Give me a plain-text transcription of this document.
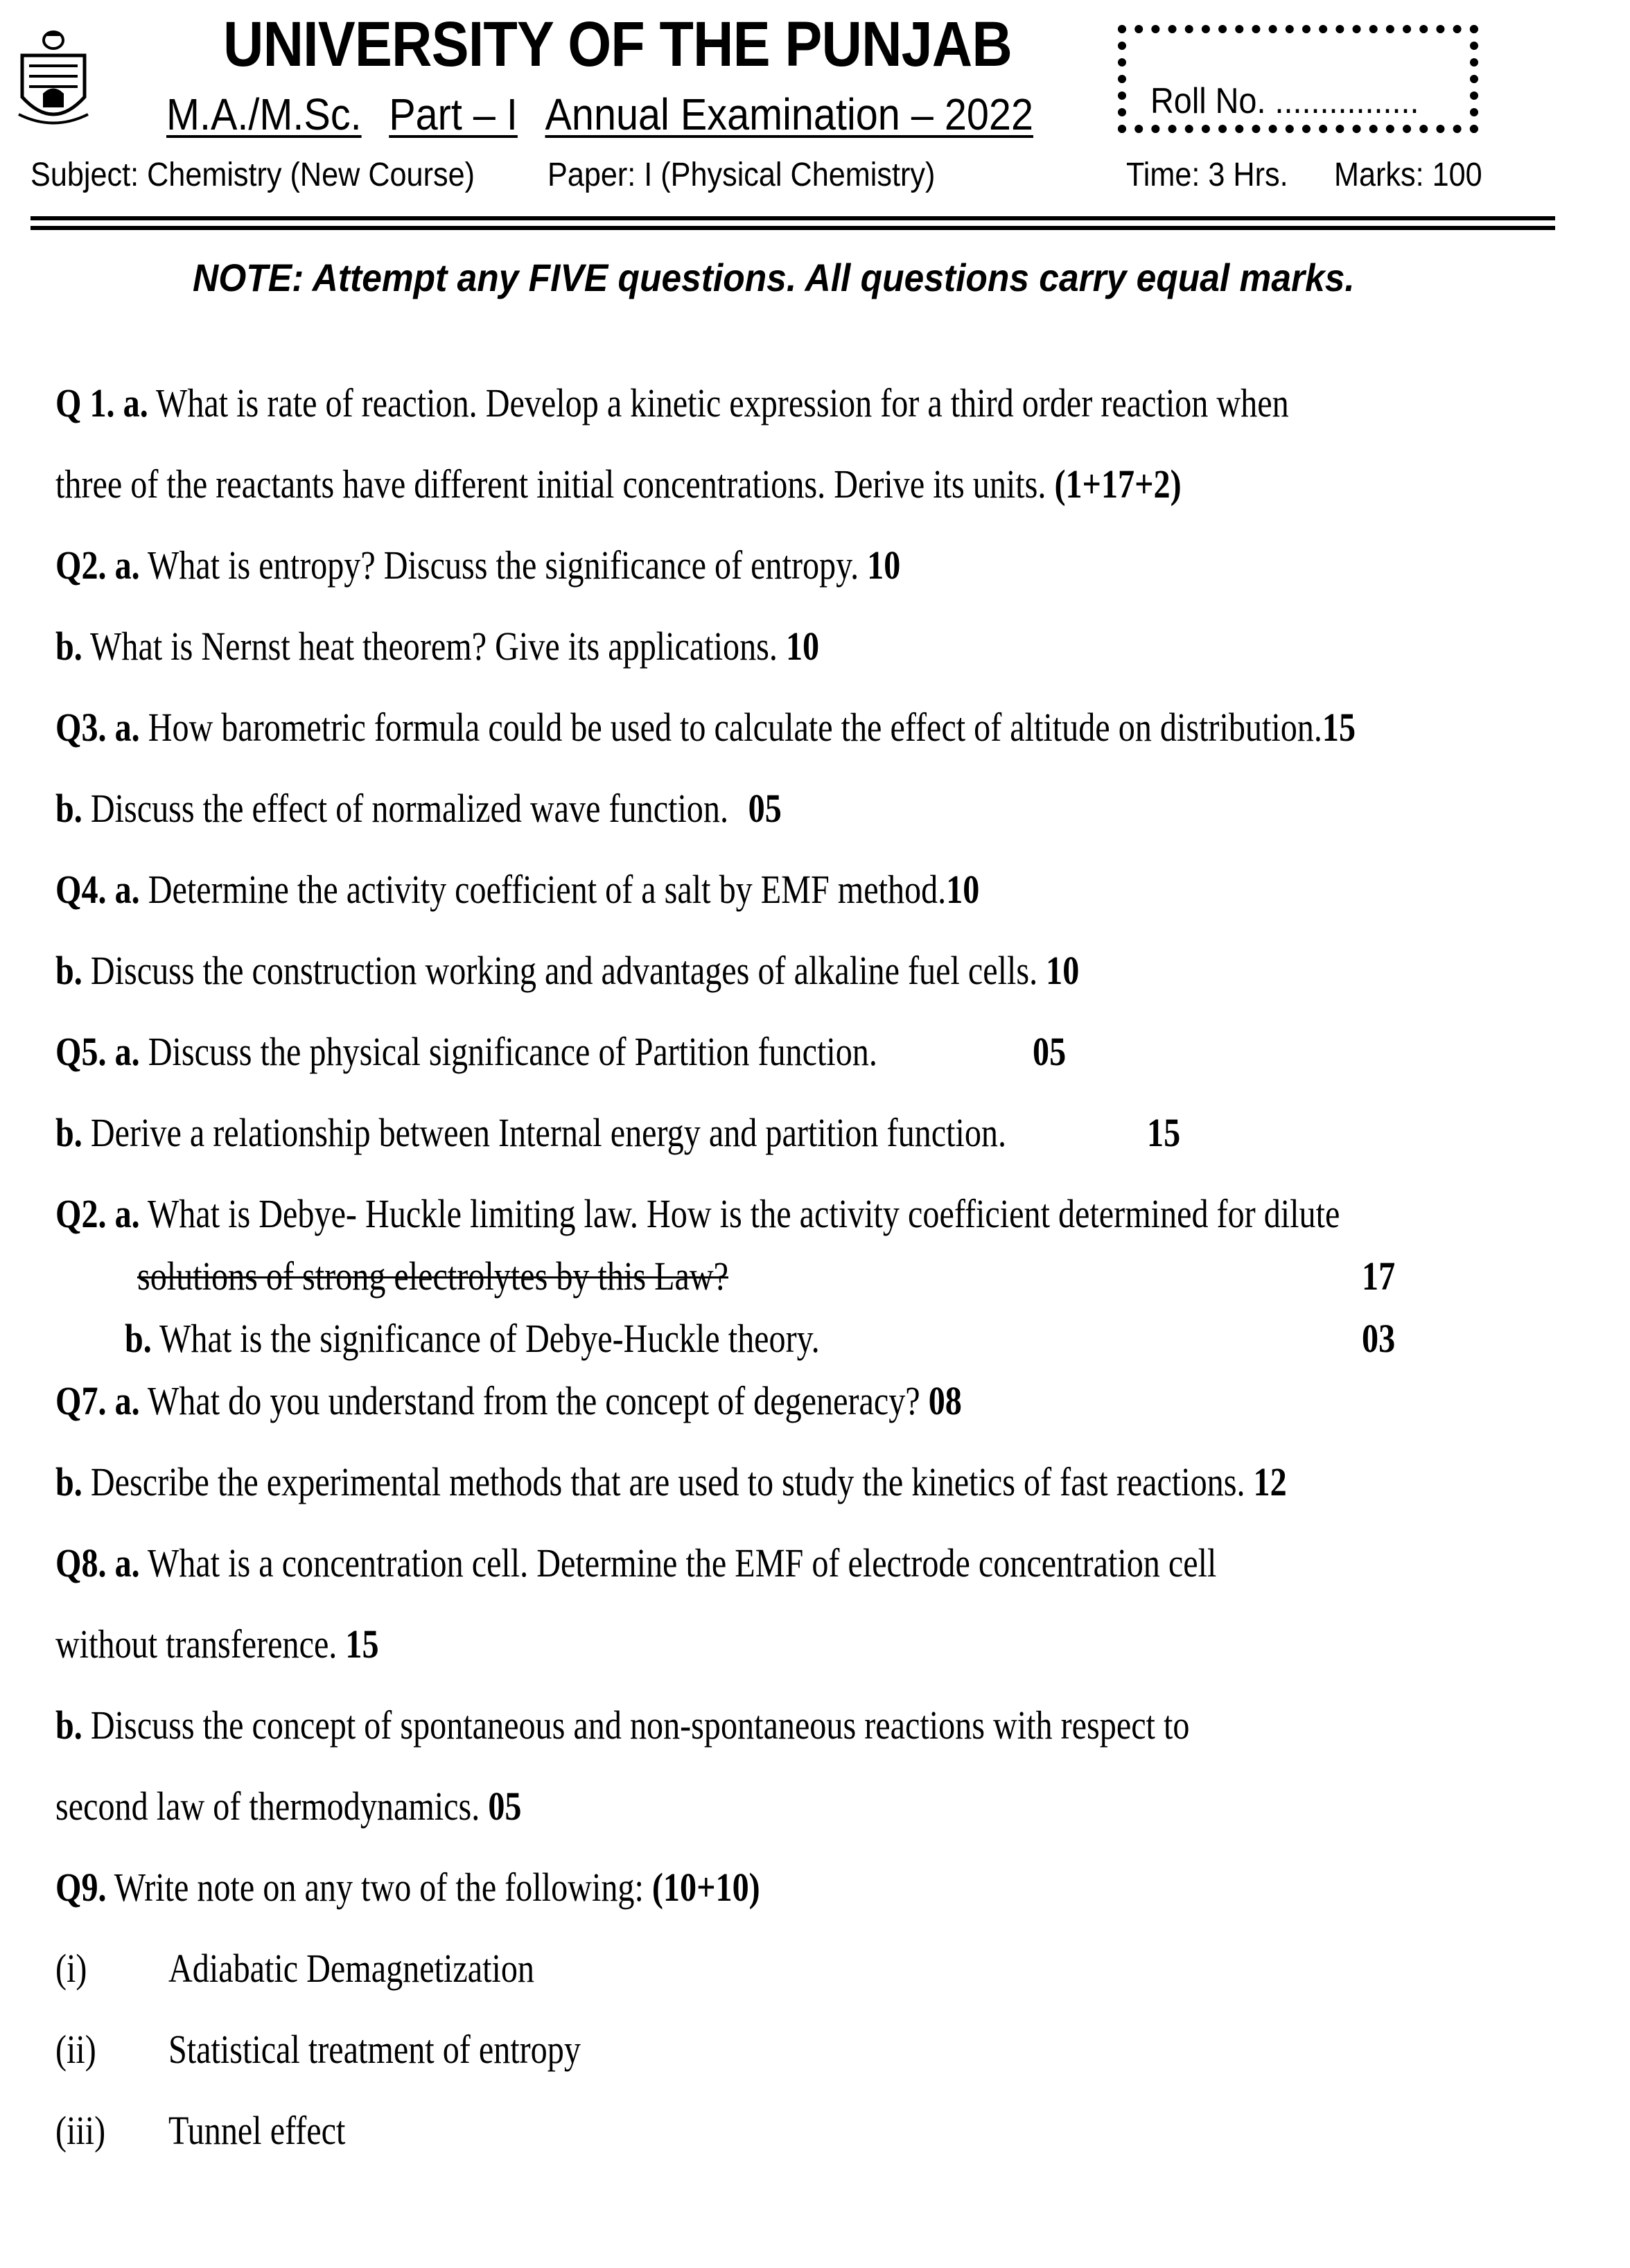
UNIVERSITY OF THE PUNJAB
M.A./M.Sc. Part – I Annual Examination – 2022	Roll No. ................
Subject: Chemistry (New Course) Paper: I (Physical Chemistry)	Time: 3 Hrs. Marks: 100
NOTE: Attempt any FIVE questions. All questions carry equal marks.
Q 1. a. What is rate of reaction. Develop a kinetic expression for a third order reaction when
three of the reactants have different initial concentrations. Derive its units. (1+17+2)
Q2. a. What is entropy? Discuss the significance of entropy. 10
b. What is Nernst heat theorem? Give its applications. 10
Q3. a. How barometric formula could be used to calculate the effect of altitude on distribution.15
b. Discuss the effect of normalized wave function. 05
Q4. a. Determine the activity coefficient of a salt by EMF method.10
b. Discuss the construction working and advantages of alkaline fuel cells. 10
Q5. a. Discuss the physical significance of Partition function.	05
b. Derive a relationship between Internal energy and partition function.	15
Q2. a. What is Debye- Huckle limiting law. How is the activity coefficient determined for dilute
solutions of strong electrolytes by this Law?	17
b. What is the significance of Debye-Huckle theory.	03
Q7. a. What do you understand from the concept of degeneracy? 08
b. Describe the experimental methods that are used to study the kinetics of fast reactions. 12
Q8. a. What is a concentration cell. Determine the EMF of electrode concentration cell
without transference. 15
b. Discuss the concept of spontaneous and non-spontaneous reactions with respect to
second law of thermodynamics. 05
Q9. Write note on any two of the following: (10+10)
(i) Adiabatic Demagnetization
(ii) Statistical treatment of entropy
(iii) Tunnel effect
